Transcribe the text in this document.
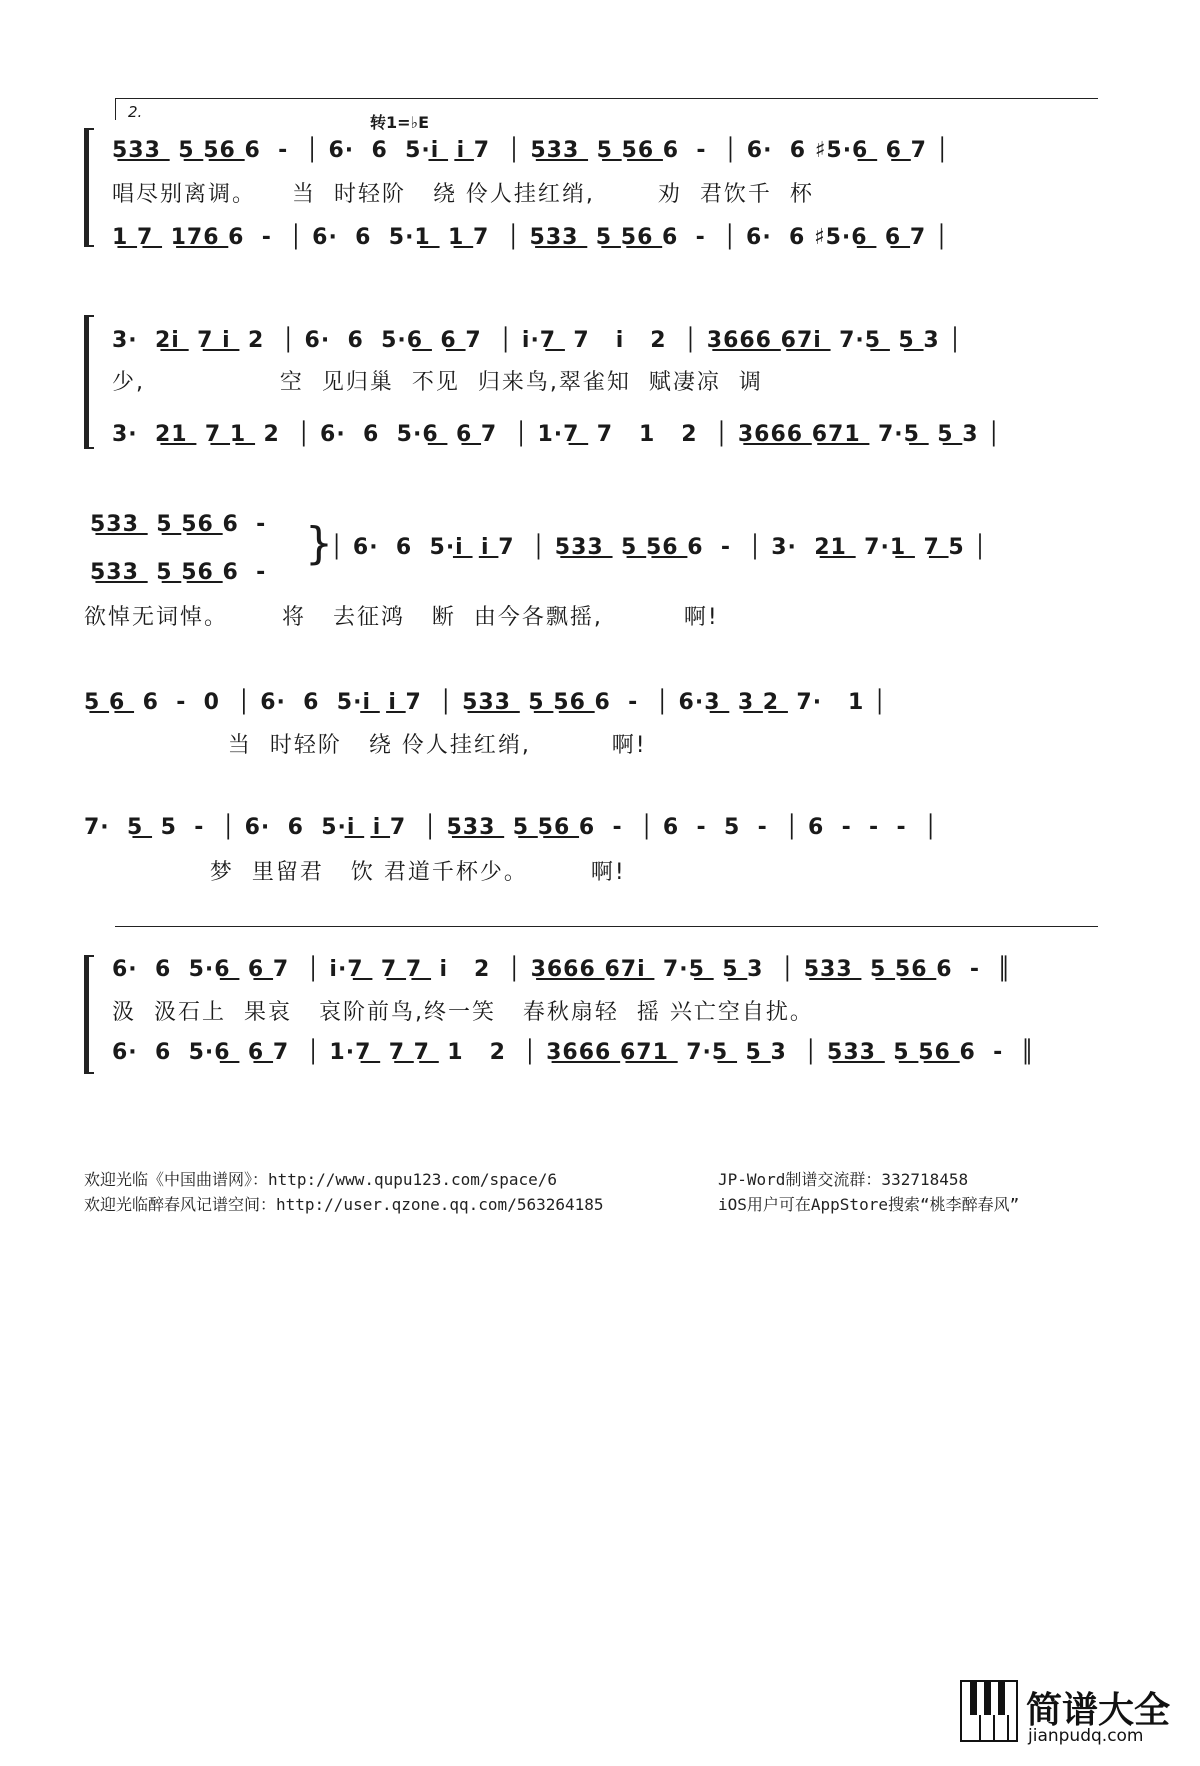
2.
转1=♭E
5͟3͟3͟  5͟ 5͟6͟ 6  -  │ 6·  6  5·i͟  i͟ 7  │ 5͟3͟3͟  5͟ 5͟6͟ 6  -  │ 6·  6 ♯5·6͟  6͟ 7 │
唱尽别离调。    当  时轻阶   绕 伶人挂红绡,       劝  君饮千  杯
1͟ 7͟  1͟7͟6͟ 6  -  │ 6·  6  5·1͟  1͟ 7  │ 5͟3͟3͟  5͟ 5͟6͟ 6  -  │ 6·  6 ♯5·6͟  6͟ 7 │
3·  2͟i͟  7͟ i͟  2  │ 6·  6  5·6͟  6͟ 7  │ i·7͟  7   i   2  │ 3͟6͟6͟6͟ 6͟7͟i͟  7·5͟  5͟ 3 │
少,               空  见归巢  不见  归来鸟,翠雀知  赋凄凉  调
3·  2͟1͟  7͟ 1͟  2  │ 6·  6  5·6͟  6͟ 7  │ 1·7͟  7   1   2  │ 3͟6͟6͟6͟ 6͟7͟1͟  7·5͟  5͟ 3 │
5͟3͟3͟  5͟ 5͟6͟ 6  -
5͟3͟3͟  5͟ 5͟6͟ 6  -
}
│ 6·  6  5·i͟  i͟ 7  │ 5͟3͟3͟  5͟ 5͟6͟ 6  -  │ 3·  2͟1͟  7·1͟  7͟ 5 │
欲悼无词悼。      将   去征鸿   断  由今各飘摇,         啊!
5͟ 6͟  6  -  0  │ 6·  6  5·i͟  i͟ 7  │ 5͟3͟3͟  5͟ 5͟6͟ 6  -  │ 6·3͟  3͟ 2͟  7·   1 │
当  时轻阶   绕 伶人挂红绡,         啊!
7·  5͟  5  -  │ 6·  6  5·i͟  i͟ 7  │ 5͟3͟3͟  5͟ 5͟6͟ 6  -  │ 6  -  5  -  │ 6  -  -  -  │
梦  里留君   饮 君道千杯少。       啊!
6·  6  5·6͟  6͟ 7  │ i·7͟  7͟ 7͟  i   2  │ 3͟6͟6͟6͟ 6͟7͟i͟  7·5͟  5͟ 3  │ 5͟3͟3͟  5͟ 5͟6͟ 6  -  ║
汲  汲石上  果哀   哀阶前鸟,终一笑   春秋扇轻  摇 兴亡空自扰。
6·  6  5·6͟  6͟ 7  │ 1·7͟  7͟ 7͟  1   2  │ 3͟6͟6͟6͟ 6͟7͟1͟  7·5͟  5͟ 3  │ 5͟3͟3͟  5͟ 5͟6͟ 6  -  ║
欢迎光临《中国曲谱网》：http://www.qupu123.com/space/6	JP-Word制谱交流群：332718458
欢迎光临醉春风记谱空间：http://user.qzone.qq.com/563264185	iOS用户可在AppStore搜索“桃李醉春风”
简谱大全
jianpudq.com
